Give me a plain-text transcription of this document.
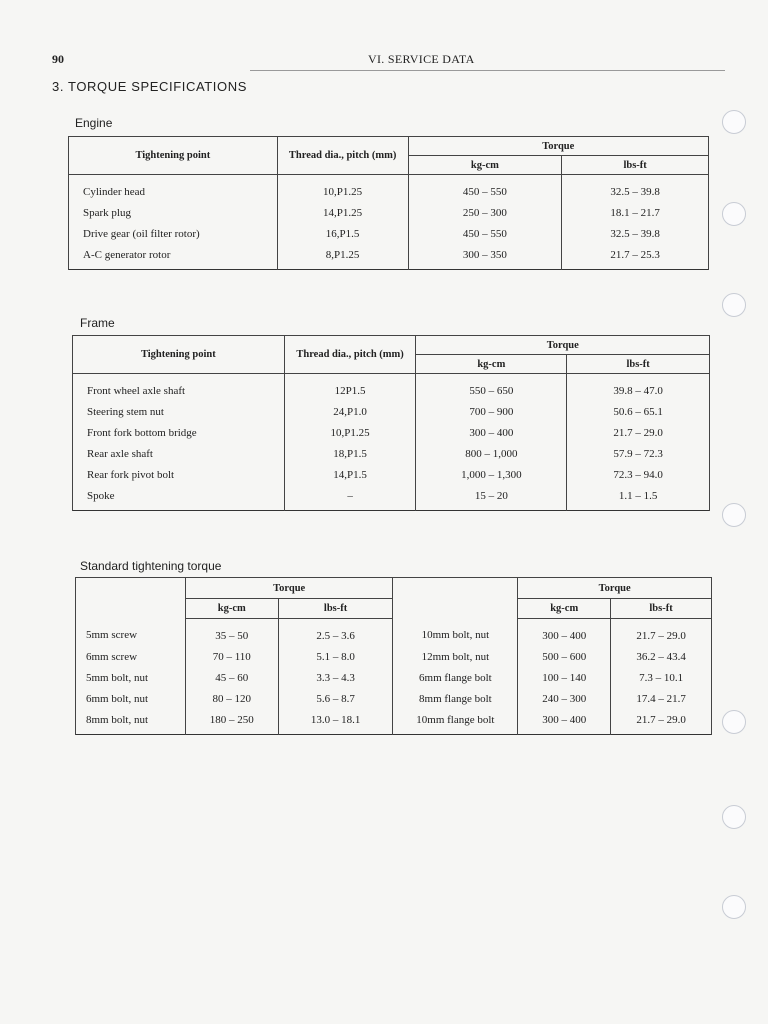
90	VI. SERVICE DATA
3. TORQUE SPECIFICATIONS
Engine
Tightening point	Thread dia., pitch (mm)	Torque	
		kg-cm	lbs-ft
Cylinder head	10,P1.25	450 – 550	32.5 – 39.8
Spark plug	14,P1.25	250 – 300	18.1 – 21.7
Drive gear (oil filter rotor)	16,P1.5	450 – 550	32.5 – 39.8
A-C generator rotor	8,P1.25	300 – 350	21.7 – 25.3
Frame
Tightening point	Thread dia., pitch (mm)	Torque	
		kg-cm	lbs-ft
Front wheel axle shaft	12P1.5	550 – 650	39.8 – 47.0
Steering stem nut	24,P1.0	700 – 900	50.6 – 65.1
Front fork bottom bridge	10,P1.25	300 – 400	21.7 – 29.0
Rear axle shaft	18,P1.5	800 – 1,000	57.9 – 72.3
Rear fork pivot bolt	14,P1.5	1,000 – 1,300	72.3 – 94.0
Spoke	–	15 – 20	1.1 – 1.5
Standard tightening torque
	Torque			Torque	
	kg-cm	lbs-ft		kg-cm	lbs-ft
5mm screw	35 – 50	2.5 – 3.6	10mm bolt, nut	300 – 400	21.7 – 29.0
6mm screw	70 – 110	5.1 – 8.0	12mm bolt, nut	500 – 600	36.2 – 43.4
5mm bolt, nut	45 – 60	3.3 – 4.3	6mm flange bolt	100 – 140	7.3 – 10.1
6mm bolt, nut	80 – 120	5.6 – 8.7	8mm flange bolt	240 – 300	17.4 – 21.7
8mm bolt, nut	180 – 250	13.0 – 18.1	10mm flange bolt	300 – 400	21.7 – 29.0
